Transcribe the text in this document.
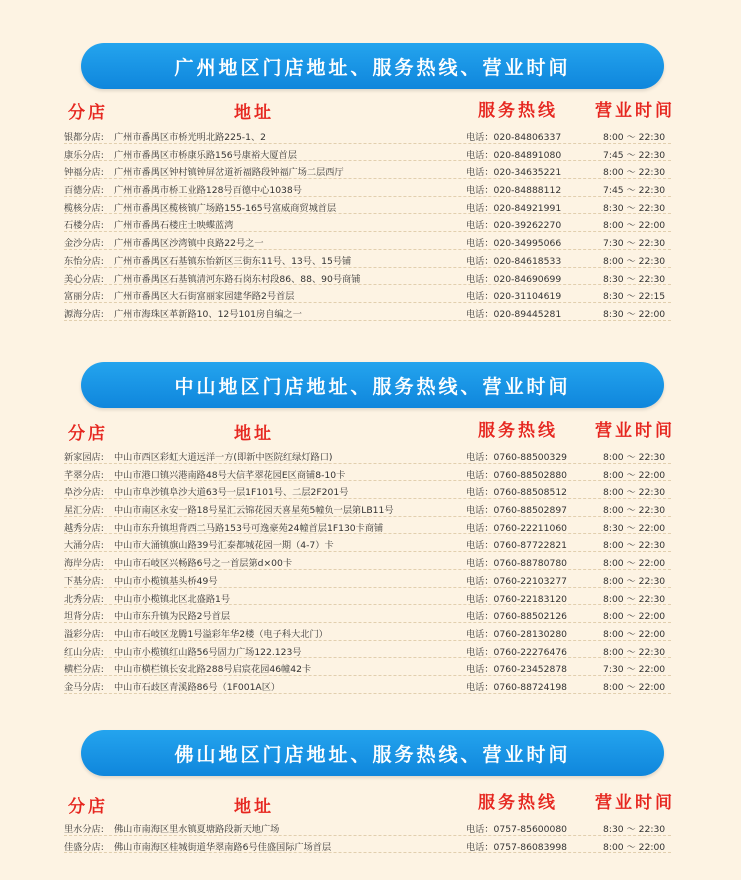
广州地区门店地址、服务热线、营业时间
分店	地址	服务热线 营业时间
银都分店: 广州市番禺区市桥光明北路225-1、2	电话：020-84806337	8:00 ～ 22:30
康乐分店: 广州市番禺区市桥康乐路156号康裕大厦首层	电话：020-84891080	7:45 ～ 22:30
钟福分店: 广州市番禺区钟村镇钟屏岔道祈福路段钟福广场二层西厅	电话：020-34635221	8:00 ～ 22:30
百德分店: 广州市番禺市桥工业路128号百德中心1038号	电话：020-84888112	7:45 ～ 22:30
榄核分店: 广州市番禺区榄核镇广场路155-165号富威商贸城首层	电话：020-84921991	8:30 ～ 22:30
石楼分店: 广州市番禺石楼庄士映蝶蓝湾	电话：020-39262270	8:00 ～ 22:00
金沙分店: 广州市番禺区沙湾镇中良路22号之一	电话：020-34995066	7:30 ～ 22:30
东怡分店: 广州市番禺区石基镇东怡新区三街东11号、13号、15号铺	电话：020-84618533	8:00 ～ 22:30
美心分店: 广州市番禺区石基镇清河东路石岗东村段86、88、90号商铺	电话：020-84690699	8:30 ～ 22:30
富丽分店: 广州市番禺区大石街富丽家园建华路2号首层	电话：020-31104619	8:30 ～ 22:15
源海分店: 广州市海珠区革新路10、12号101房自编之一	电话：020-89445281	8:30 ～ 22:00
中山地区门店地址、服务热线、营业时间
分店	地址	服务热线 营业时间
新家园店: 中山市西区彩虹大道远洋一方(即新中医院红绿灯路口)	电话：0760-88500329	8:00 ～ 22:30
芊翠分店: 中山市港口镇兴港南路48号大信芊翠花园E区商铺8-10卡	电话：0760-88502880	8:00 ～ 22:00
阜沙分店: 中山市阜沙镇阜沙大道63号一层1F101号、二层2F201号	电话：0760-88508512	8:00 ～ 22:30
星汇分店: 中山市南区永安一路18号星汇云锦花园天喜星苑5幢负一层第LB11号	电话：0760-88502897	8:00 ～ 22:30
越秀分店: 中山市东升镇坦背西二马路153号可逸豪苑24幢首层1F130卡商铺	电话：0760-22211060	8:30 ～ 22:00
大涌分店: 中山市大涌镇旗山路39号汇泰都城花园一期（4-7）卡	电话：0760-87722821	8:00 ～ 22:30
海岸分店: 中山市石岐区兴畅路6号之一首层第d×00卡	电话：0760-88780780	8:00 ～ 22:00
下基分店: 中山市小榄镇基头桥49号	电话：0760-22103277	8:00 ～ 22:30
北秀分店: 中山市小榄镇北区北盛路1号	电话：0760-22183120	8:00 ～ 22:30
坦背分店: 中山市东升镇为民路2号首层	电话：0760-88502126	8:00 ～ 22:00
溢彩分店: 中山市石岐区龙腾1号溢彩年华2楼（电子科大北门）	电话：0760-28130280	8:00 ～ 22:00
红山分店: 中山市小榄镇红山路56号固力广场122.123号	电话：0760-22276476	8:00 ～ 22:30
横栏分店: 中山市横栏镇长安北路288号启宸花园46幢42卡	电话：0760-23452878	7:30 ～ 22:00
金马分店: 中山市石歧区青溪路86号（1F001A区）	电话：0760-88724198	8:00 ～ 22:00
佛山地区门店地址、服务热线、营业时间
分店	地址	服务热线 营业时间
里水分店: 佛山市南海区里水镇夏塘路段新天地广场	电话：0757-85600080	8:30 ～ 22:30
佳盛分店: 佛山市南海区桂城街道华翠南路6号佳盛国际广场首层	电话：0757-86083998	8:00 ～ 22:00
